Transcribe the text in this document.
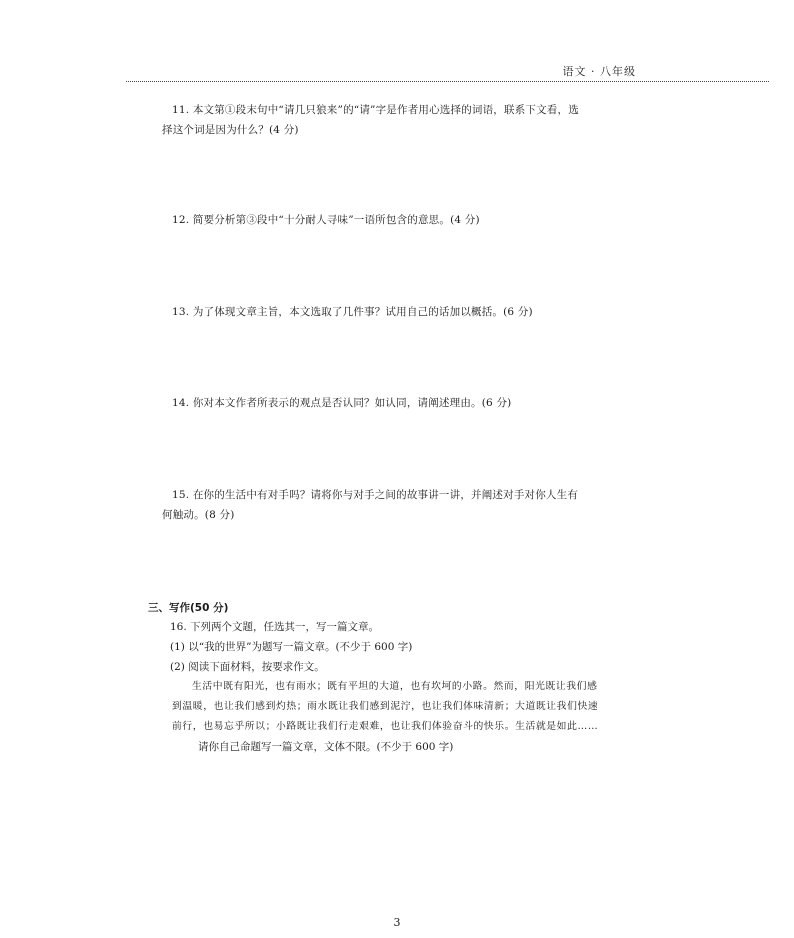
语文 · 八年级
11. 本文第①段末句中“请几只狼来”的“请”字是作者用心选择的词语，联系下文看，选
择这个词是因为什么？(4 分)
12. 简要分析第③段中“十分耐人寻味”一语所包含的意思。(4 分)
13. 为了体现文章主旨，本文选取了几件事？试用自己的话加以概括。(6 分)
14. 你对本文作者所表示的观点是否认同？如认同，请阐述理由。(6 分)
15. 在你的生活中有对手吗？请将你与对手之间的故事讲一讲，并阐述对手对你人生有
何触动。(8 分)
三、写作(50 分)
16. 下列两个文题，任选其一，写一篇文章。
(1) 以“我的世界”为题写一篇文章。(不少于 600 字)
(2) 阅读下面材料，按要求作文。
生活中既有阳光，也有雨水；既有平坦的大道，也有坎坷的小路。然而，阳光既让我们感
到温暖，也让我们感到灼热；雨水既让我们感到泥泞，也让我们体味清新；大道既让我们快速
前行，也易忘乎所以；小路既让我们行走艰难，也让我们体验奋斗的快乐。生活就是如此……
请你自己命题写一篇文章，文体不限。(不少于 600 字)
3
